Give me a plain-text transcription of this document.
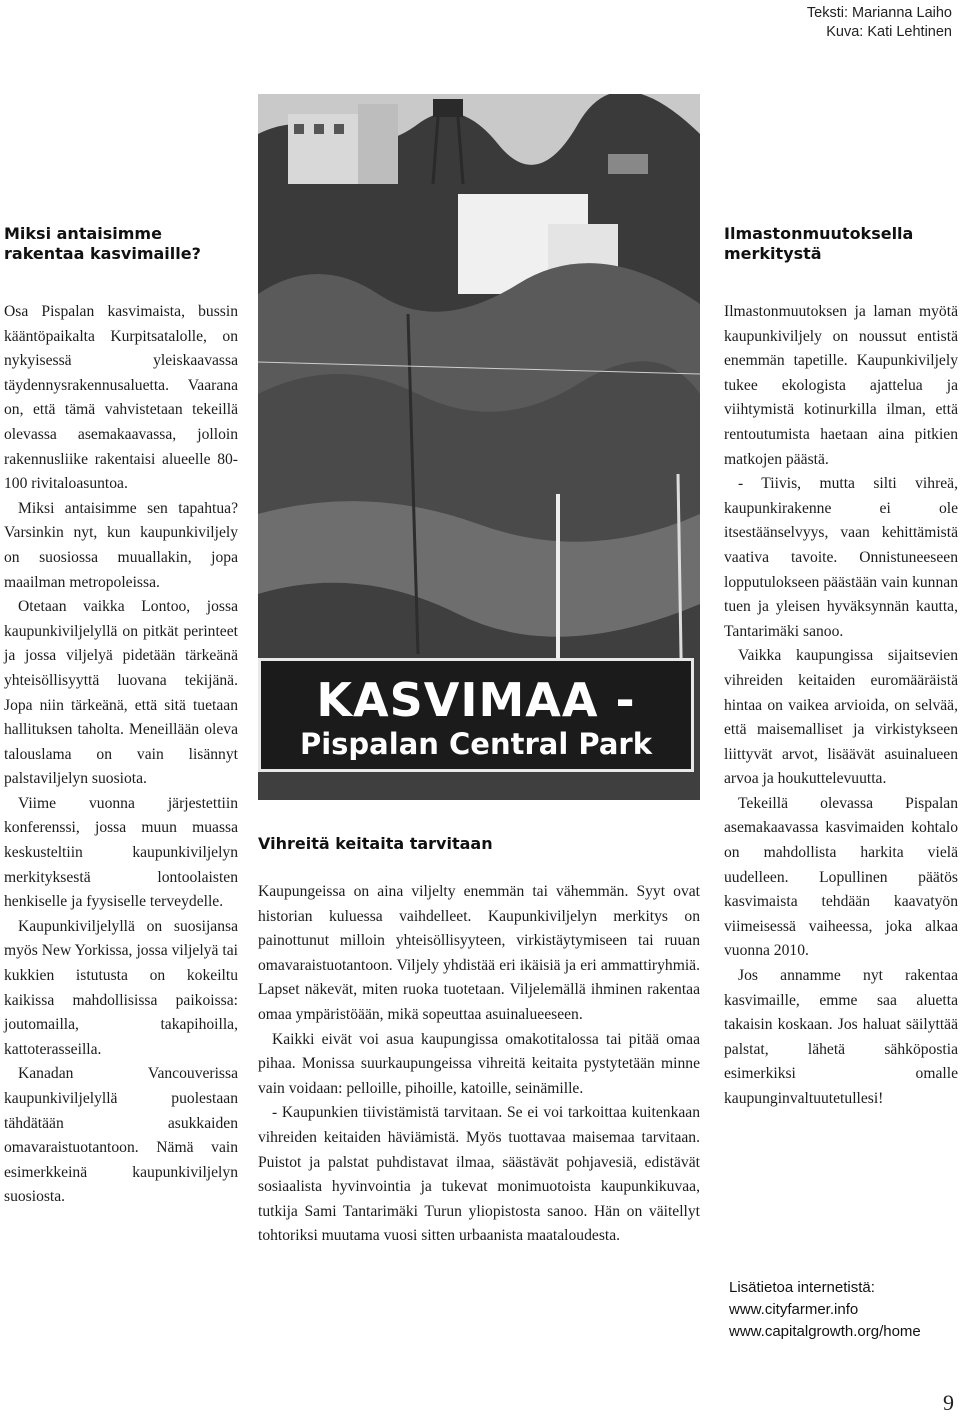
Teksti: Marianna Laiho
Kuva: Kati Lehtinen
Miksi antaisimme rakentaa kasvimaille?

Osa Pispalan kasvimaista, bussin kääntöpaikalta Kurpitsatalolle, on nykyisessä yleiskaavassa täydennysrakennusaluetta. Vaarana on, että tämä vahvistetaan tekeillä olevassa asemakaavassa, jolloin rakennusliike rakentaisi alueelle 80-100 rivitaloasuntoa.

Miksi antaisimme sen tapahtua? Varsinkin nyt, kun kaupunkiviljely on suosiossa muuallakin, jopa maailman metropoleissa.

Otetaan vaikka Lontoo, jossa kaupunkiviljelyllä on pitkät perinteet ja jossa viljelyä pidetään tärkeänä yhteisöllisyyttä luovana tekijänä. Jopa niin tärkeänä, että sitä tuetaan hallituksen taholta. Meneillään oleva talouslama on vain lisännyt palstaviljelyn suosiota.

Viime vuonna järjestettiin konferenssi, jossa muun muassa keskusteltiin kaupunkiviljelyn merkityksestä lontoolaisten henkiselle ja fyysiselle terveydelle.

Kaupunkiviljelyllä on suosijansa myös New Yorkissa, jossa viljelyä tai kukkien istutusta on kokeiltu kaikissa mahdollisissa paikoissa: joutomailla, takapihoilla, kattoterasseilla.

Kanadan Vancouverissa kaupunkiviljelyllä puolestaan tähdätään asukkaiden omavaraistuotantoon. Nämä vain esimerkkeinä kaupunkiviljelyn suosiosta.

KASVIMAA -
Pispalan Central Park
Vihreitä keitaita tarvitaan

Kaupungeissa on aina viljelty enemmän tai vähemmän. Syyt ovat historian kuluessa vaihdelleet. Kaupunkiviljelyn merkitys on painottunut milloin yhteisöllisyyteen, virkistäytymiseen tai ruuan omavaraistuotantoon. Viljely yhdistää eri ikäisiä ja eri ammattiryhmiä. Lapset näkevät, miten ruoka tuotetaan. Viljelemällä ihminen rakentaa omaa ympäristöään, mikä sopeuttaa asuinalueeseen.

Kaikki eivät voi asua kaupungissa omakotitalossa tai pitää omaa pihaa. Monissa suurkaupungeissa vihreitä keitaita pystytetään minne vain voidaan: pelloille, pihoille, katoille, seinämille.

- Kaupunkien tiivistämistä tarvitaan. Se ei voi tarkoittaa kuitenkaan vihreiden keitaiden häviämistä. Myös tuottavaa maisemaa tarvitaan. Puistot ja palstat puhdistavat ilmaa, säästävät pohjavesiä, edistävät sosiaalista hyvinvointia ja tukevat monimuotoista kaupunkikuvaa, tutkija Sami Tantarimäki Turun yliopistosta sanoo. Hän on väitellyt tohtoriksi muutama vuosi sitten urbaanista maataloudesta.

Ilmastonmuutoksella merkitystä

Ilmastonmuutoksen ja laman myötä kaupunkiviljely on noussut entistä enemmän tapetille. Kaupunkiviljely tukee ekologista ajattelua ja viihtymistä kotinurkilla ilman, että rentoutumista haetaan aina pitkien matkojen päästä.

- Tiivis, mutta silti vihreä, kaupunkirakenne ei ole itsestäänselvyys, vaan kehittämistä vaativa tavoite. Onnistuneeseen lopputulokseen päästään vain kunnan tuen ja yleisen hyväksynnän kautta, Tantarimäki sanoo.

Vaikka kaupungissa sijaitsevien vihreiden keitaiden euromääräistä hintaa on vaikea arvioida, on selvää, että maisemalliset ja virkistykseen liittyvät arvot, lisäävät asuinalueen arvoa ja houkuttelevuutta.

Tekeillä olevassa Pispalan asemakaavassa kasvimaiden kohtalo on mahdollista harkita vielä uudelleen. Lopullinen päätös kasvimaista tehdään kaavatyön viimeisessä vaiheessa, joka alkaa vuonna 2010.

Jos annamme nyt rakentaa kasvimaille, emme saa aluetta takaisin koskaan. Jos haluat säilyttää palstat, lähetä sähköpostia esimerkiksi omalle kaupunginvaltuutetullesi!

Lisätietoa internetistä:
www.cityfarmer.info
www.capitalgrowth.org/home
9
